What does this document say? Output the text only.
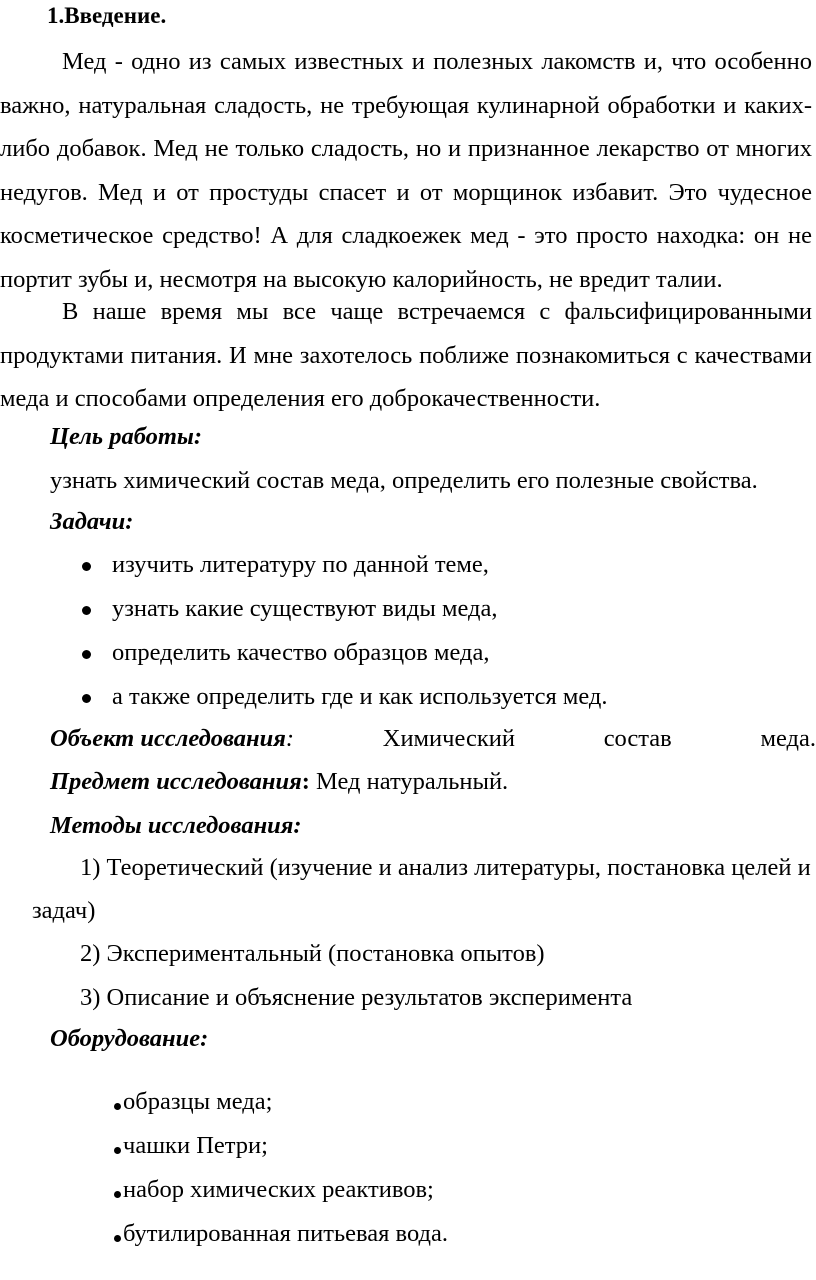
1.Введение.

Мед - одно из самых известных и полезных лакомств и, что особенно важно, натуральная сладость, не требующая кулинарной обработки и каких-либо добавок. Мед не только сладость, но и признанное лекарство от многих недугов. Мед и от простуды спасет и от морщинок избавит. Это чудесное косметическое средство! А для сладкоежек мед - это просто находка: он не портит зубы и, несмотря на высокую калорийность, не вредит талии.

В наше время мы все чаще встречаемся с фальсифицированными продуктами питания. И мне захотелось поближе познакомиться с качествами меда и способами определения его доброкачественности.

Цель работы:
узнать химический состав меда, определить его полезные свойства.
Задачи:
изучить литературу по данной теме,
узнать какие существуют виды меда,
определить качество образцов меда,
а также определить где и как используется мед.
Объект исследования:	Химический	состав	меда.
Предмет исследования: Мед натуральный.
Методы исследования:
1) Теоретический (изучение и анализ литературы, постановка целей и
задач)
2) Экспериментальный (постановка опытов)
3) Описание и объяснение результатов эксперимента
Оборудование:
образцы меда;
чашки Петри;
набор химических реактивов;
бутилированная питьевая вода.
